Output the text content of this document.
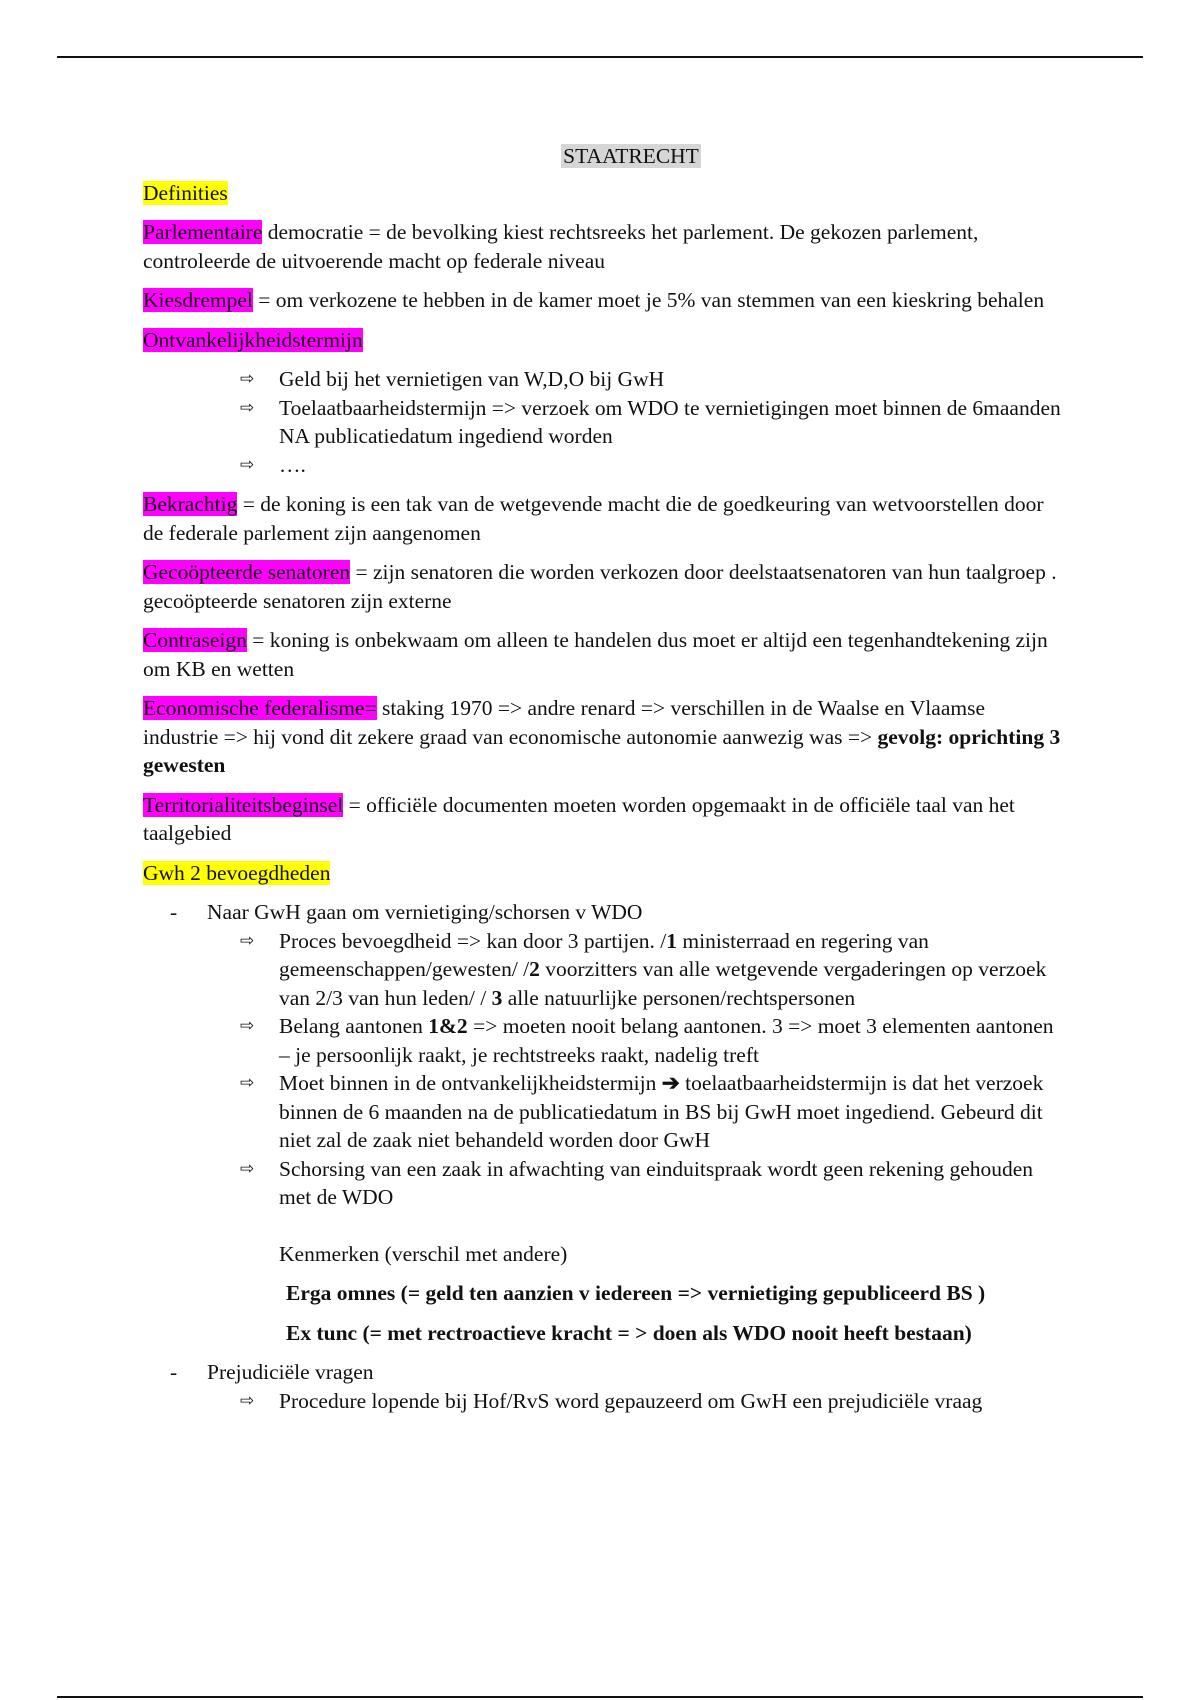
STAATRECHT

Definities

Parlementaire democratie = de bevolking kiest rechtsreeks het parlement. De gekozen parlement, controleerde de uitvoerende macht op federale niveau

Kiesdrempel = om verkozene te hebben in de kamer moet je 5% van stemmen van een kieskring behalen

Ontvankelijkheidstermijn

⇨ Geld bij het vernietigen van W,D,O bij GwH

⇨ Toelaatbaarheidstermijn => verzoek om WDO te vernietigingen moet binnen de 6maanden NA publicatiedatum ingediend worden

⇨ ….

Bekrachtig = de koning is een tak van de wetgevende macht die de goedkeuring van wetvoorstellen door de federale parlement zijn aangenomen

Gecoöpteerde senatoren = zijn senatoren die worden verkozen door deelstaatsenatoren van hun taalgroep . gecoöpteerde senatoren zijn externe

Contraseign = koning is onbekwaam om alleen te handelen dus moet er altijd een tegenhandtekening zijn om KB en wetten

Economische federalisme= staking 1970 => andre renard => verschillen in de Waalse en Vlaamse industrie => hij vond dit zekere graad van economische autonomie aanwezig was => gevolg: oprichting 3 gewesten

Territorialiteitsbeginsel = officiële documenten moeten worden opgemaakt in de officiële taal van het taalgebied

Gwh 2 bevoegdheden

- Naar GwH gaan om vernietiging/schorsen v WDO

⇨ Proces bevoegdheid => kan door 3 partijen. /1 ministerraad en regering van gemeenschappen/gewesten/ /2 voorzitters van alle wetgevende vergaderingen op verzoek van 2/3 van hun leden/ / 3 alle natuurlijke personen/rechtspersonen

⇨ Belang aantonen 1&2 => moeten nooit belang aantonen. 3 => moet 3 elementen aantonen – je persoonlijk raakt, je rechtstreeks raakt, nadelig treft

⇨ Moet binnen in de ontvankelijkheidstermijn ➔ toelaatbaarheidstermijn is dat het verzoek binnen de 6 maanden na de publicatiedatum in BS bij GwH moet ingediend. Gebeurd dit niet zal de zaak niet behandeld worden door GwH

⇨ Schorsing van een zaak in afwachting van einduitspraak wordt geen rekening gehouden met de WDO

Kenmerken (verschil met andere)

Erga omnes (= geld ten aanzien v iedereen => vernietiging gepubliceerd BS )

Ex tunc (= met rectroactieve kracht = > doen als WDO nooit heeft bestaan)

- Prejudiciële vragen

⇨ Procedure lopende bij Hof/RvS word gepauzeerd om GwH een prejudiciële vraag
